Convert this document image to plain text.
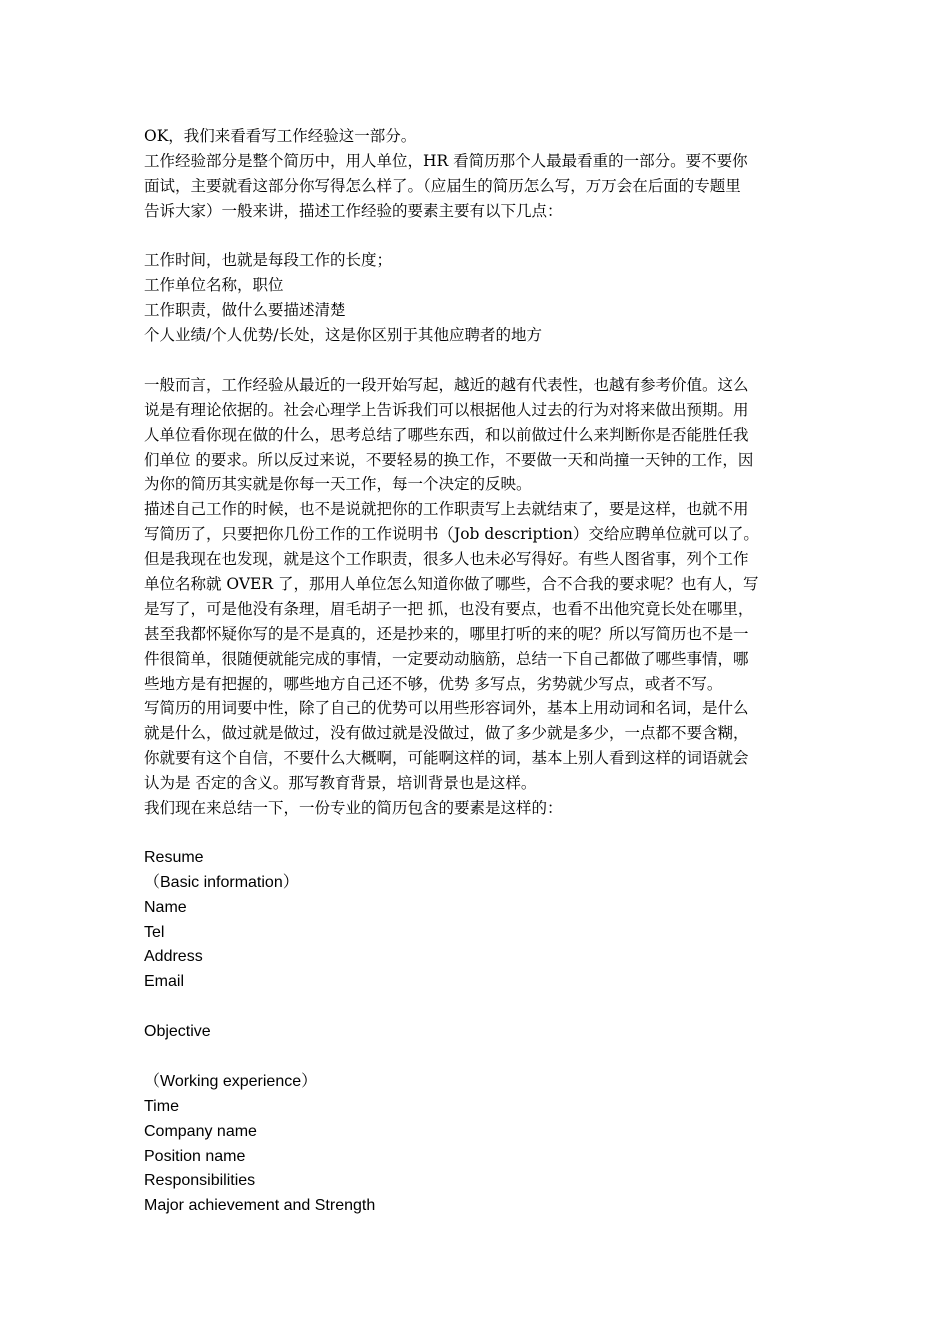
OK，我们来看看写工作经验这一部分。
工作经验部分是整个简历中，用人单位，HR 看简历那个人最最看重的一部分。要不要你
面试，主要就看这部分你写得怎么样了。（应届生的简历怎么写，万万会在后面的专题里
告诉大家）一般来讲，描述工作经验的要素主要有以下几点：
工作时间，也就是每段工作的长度；
工作单位名称，职位
工作职责，做什么要描述清楚
个人业绩/个人优势/长处，这是你区别于其他应聘者的地方
一般而言，工作经验从最近的一段开始写起，越近的越有代表性，也越有参考价值。这么
说是有理论依据的。社会心理学上告诉我们可以根据他人过去的行为对将来做出预期。用
人单位看你现在做的什么，思考总结了哪些东西，和以前做过什么来判断你是否能胜任我
们单位 的要求。所以反过来说，不要轻易的换工作，不要做一天和尚撞一天钟的工作，因
为你的简历其实就是你每一天工作，每一个决定的反映。
描述自己工作的时候，也不是说就把你的工作职责写上去就结束了，要是这样，也就不用
写简历了，只要把你几份工作的工作说明书（Job description）交给应聘单位就可以了。
但是我现在也发现，就是这个工作职责，很多人也未必写得好。有些人图省事，列个工作
单位名称就 OVER 了，那用人单位怎么知道你做了哪些，合不合我的要求呢？也有人，写
是写了，可是他没有条理，眉毛胡子一把 抓，也没有要点，也看不出他究竟长处在哪里，
甚至我都怀疑你写的是不是真的，还是抄来的，哪里打听的来的呢？所以写简历也不是一
件很简单，很随便就能完成的事情，一定要动动脑筋，总结一下自己都做了哪些事情，哪
些地方是有把握的，哪些地方自己还不够，优势 多写点，劣势就少写点，或者不写。
写简历的用词要中性，除了自己的优势可以用些形容词外，基本上用动词和名词，是什么
就是什么，做过就是做过，没有做过就是没做过，做了多少就是多少，一点都不要含糊，
你就要有这个自信，不要什么大概啊，可能啊这样的词，基本上别人看到这样的词语就会
认为是 否定的含义。那写教育背景，培训背景也是这样。
我们现在来总结一下，一份专业的简历包含的要素是这样的：
Resume
（Basic information）
Name
Tel
Address
Email
Objective
（Working experience）
Time
Company name
Position name
Responsibilities
Major achievement and Strength
